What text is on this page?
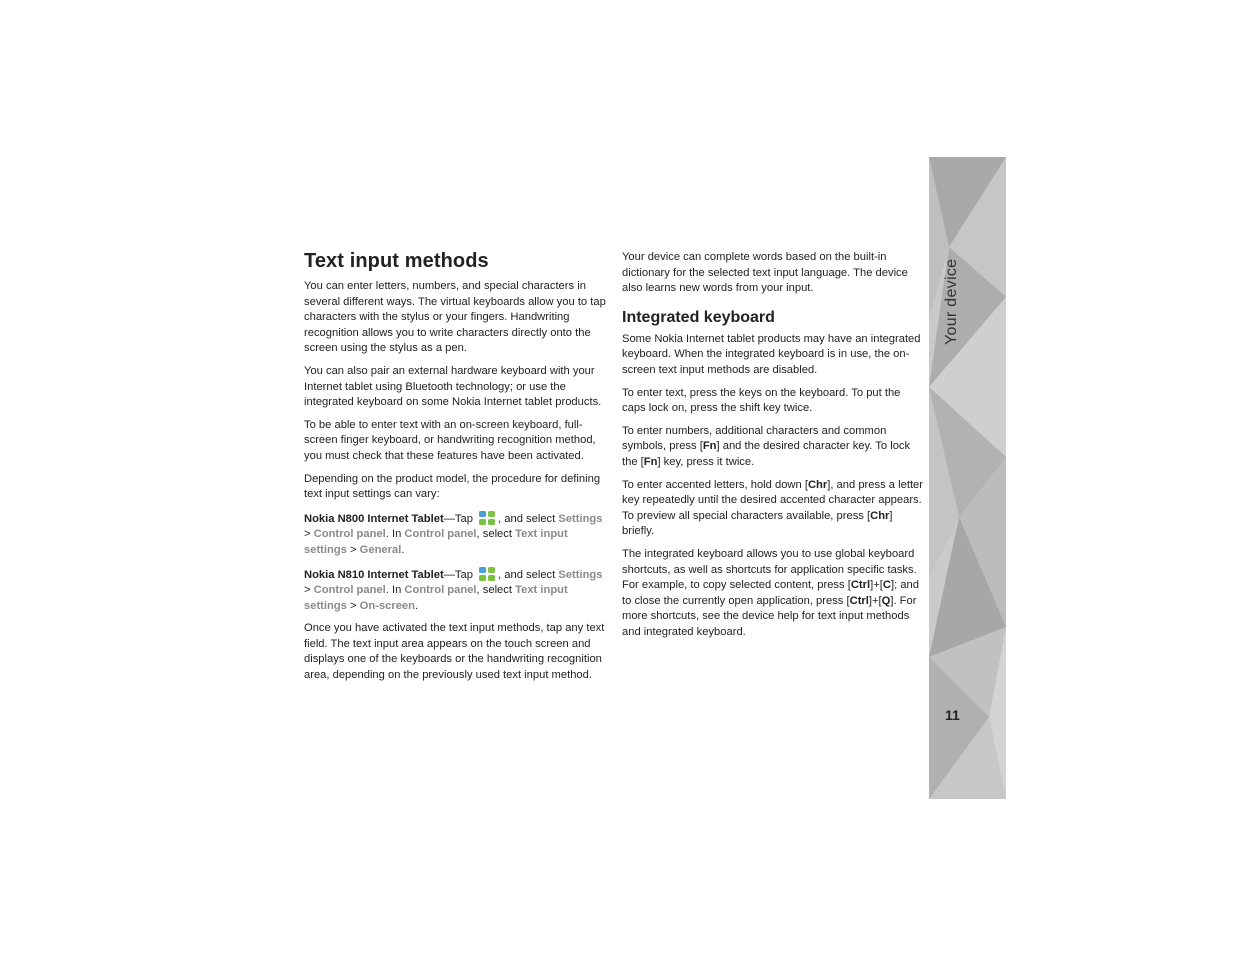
Text input methods

You can enter letters, numbers, and special characters in several different ways. The virtual keyboards allow you to tap characters with the stylus or your fingers. Handwriting recognition allows you to write characters directly onto the screen using the stylus as a pen.

You can also pair an external hardware keyboard with your Internet tablet using Bluetooth technology; or use the integrated keyboard on some Nokia Internet tablet products.

To be able to enter text with an on-screen keyboard, full-screen finger keyboard, or handwriting recognition method, you must check that these features have been activated.

Depending on the product model, the procedure for defining text input settings can vary:

Nokia N800 Internet Tablet—Tap , and select Settings > Control panel. In Control panel, select Text input settings > General.

Nokia N810 Internet Tablet—Tap , and select Settings > Control panel. In Control panel, select Text input settings > On-screen.

Once you have activated the text input methods, tap any text field. The text input area appears on the touch screen and displays one of the keyboards or the handwriting recognition area, depending on the previously used text input method.

Your device can complete words based on the built-in dictionary for the selected text input language. The device also learns new words from your input.

Integrated keyboard

Some Nokia Internet tablet products may have an integrated keyboard. When the integrated keyboard is in use, the on-screen text input methods are disabled.

To enter text, press the keys on the keyboard. To put the caps lock on, press the shift key twice.

To enter numbers, additional characters and common symbols, press [Fn] and the desired character key. To lock the [Fn] key, press it twice.

To enter accented letters, hold down [Chr], and press a letter key repeatedly until the desired accented character appears. To preview all special characters available, press [Chr] briefly.

The integrated keyboard allows you to use global keyboard shortcuts, as well as shortcuts for application specific tasks. For example, to copy selected content, press [Ctrl]+[C]; and to close the currently open application, press [Ctrl]+[Q]. For more shortcuts, see the device help for text input methods and integrated keyboard.

Your device
11
